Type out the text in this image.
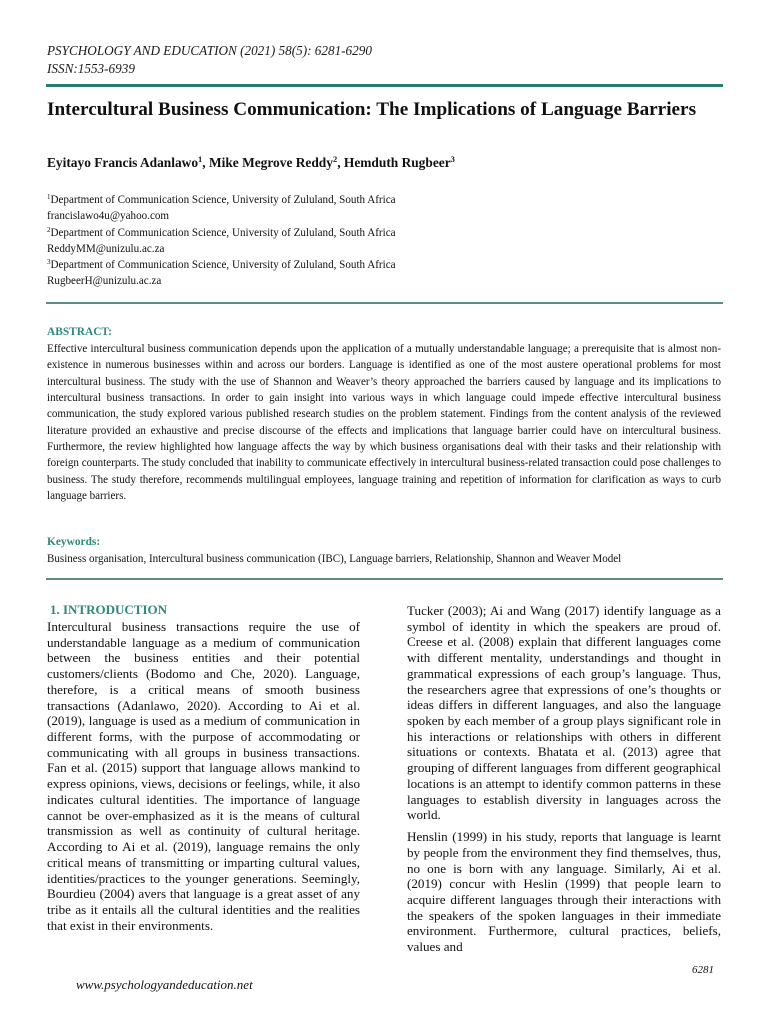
PSYCHOLOGY AND EDUCATION (2021) 58(5): 6281-6290
ISSN:1553-6939
Intercultural Business Communication: The Implications of Language Barriers
Eyitayo Francis Adanlawo$^1$, Mike Megrove Reddy$^2$, Hemduth Rugbeer$^3$
$^1$Department of Communication Science, University of Zululand, South Africa
francislawo4u@yahoo.com
$^2$Department of Communication Science, University of Zululand, South Africa
ReddyMM@unizulu.ac.za
$^3$Department of Communication Science, University of Zululand, South Africa
RugbeerH@unizulu.ac.za
ABSTRACT:
Effective intercultural business communication depends upon the application of a mutually understandable language; a prerequisite that is almost non-existence in numerous businesses within and across our borders. Language is identified as one of the most austere operational problems for most intercultural business. The study with the use of Shannon and Weaver’s theory approached the barriers caused by language and its implications to intercultural business transactions. In order to gain insight into various ways in which language could impede effective intercultural business communication, the study explored various published research studies on the problem statement. Findings from the content analysis of the reviewed literature provided an exhaustive and precise discourse of the effects and implications that language barrier could have on intercultural business. Furthermore, the review highlighted how language affects the way by which business organisations deal with their tasks and their relationship with foreign counterparts. The study concluded that inability to communicate effectively in intercultural business-related transaction could pose challenges to business. The study therefore, recommends multilingual employees, language training and repetition of information for clarification as ways to curb language barriers.
Keywords:
Business organisation, Intercultural business communication (IBC), Language barriers, Relationship, Shannon and Weaver Model
1. INTRODUCTION

Intercultural business transactions require the use of understandable language as a medium of communication between the business entities and their potential customers/clients (Bodomo and Che, 2020). Language, therefore, is a critical means of smooth business transactions (Adanlawo, 2020). According to Ai et al. (2019), language is used as a medium of communication in different forms, with the purpose of accommodating or communicating with all groups in business transactions. Fan et al. (2015) support that language allows mankind to express opinions, views, decisions or feelings, while, it also indicates cultural identities. The importance of language cannot be over-emphasized as it is the means of cultural transmission as well as continuity of cultural heritage. According to Ai et al. (2019), language remains the only critical means of transmitting or imparting cultural values, identities/practices to the younger generations. Seemingly, Bourdieu (2004) avers that language is a great asset of any tribe as it entails all the cultural identities and the realities that exist in their environments.

Tucker (2003); Ai and Wang (2017) identify language as a symbol of identity in which the speakers are proud of. Creese et al. (2008) explain that different languages come with different mentality, understandings and thought in grammatical expressions of each group’s language. Thus, the researchers agree that expressions of one’s thoughts or ideas differs in different languages, and also the language spoken by each member of a group plays significant role in his interactions or relationships with others in different situations or contexts. Bhatata et al. (2013) agree that grouping of different languages from different geographical locations is an attempt to identify common patterns in these languages to establish diversity in languages across the world.

Henslin (1999) in his study, reports that language is learnt by people from the environment they find themselves, thus, no one is born with any language. Similarly, Ai et al. (2019) concur with Heslin (1999) that people learn to acquire different languages through their interactions with the speakers of the spoken languages in their immediate environment. Furthermore, cultural practices, beliefs, values and

6281
www.psychologyandeducation.net
